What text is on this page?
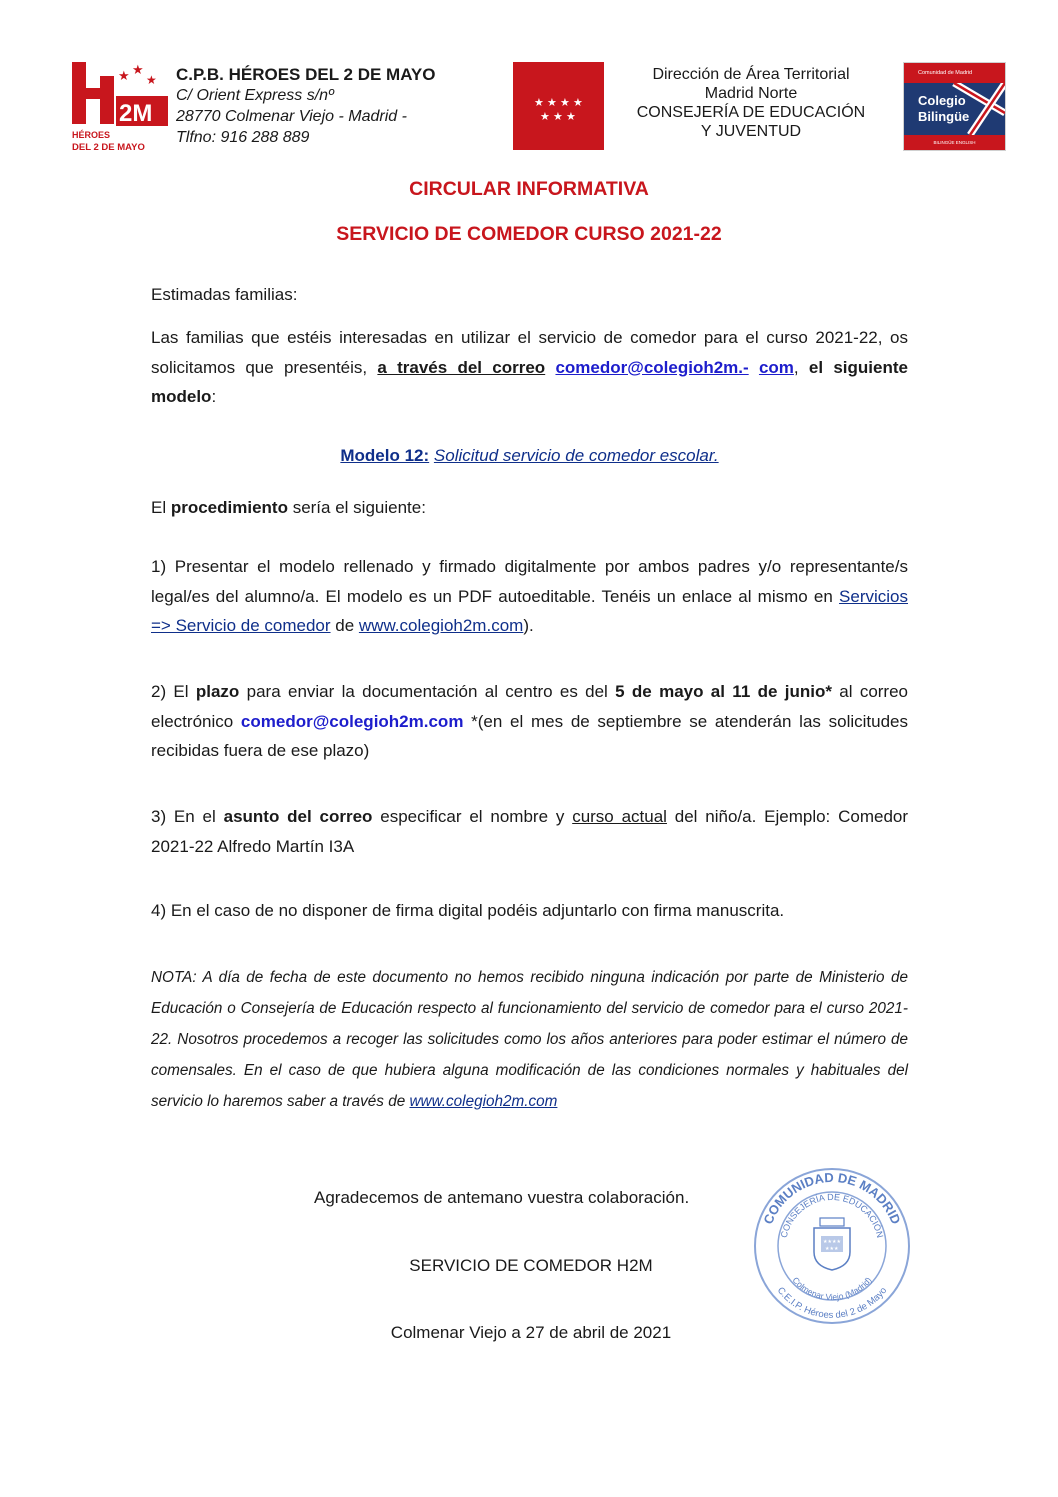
★ ★
★
2M
HÉROES
DEL 2 DE MAYO
C.P.B. HÉROES DEL 2 DE MAYO
C/ Orient Express s/nº
28770 Colmenar Viejo - Madrid -
Tlfno: 916 288 889
★ ★ ★ ★
★ ★ ★
Dirección de Área Territorial
Madrid Norte
CONSEJERÍA DE EDUCACIÓN
Y JUVENTUD
Comunidad de Madrid
Colegio
Bilingüe
BILINGÜE ENGLISH
CIRCULAR INFORMATIVA
SERVICIO DE COMEDOR CURSO 2021-22
Estimadas familias:
Las familias que estéis interesadas en utilizar el servicio de comedor para el curso 2021-22, os solicitamos que presentéis, a través del correo comedor@colegioh2m.- com, el siguiente modelo:
Modelo 12: Solicitud servicio de comedor escolar.
El procedimiento sería el siguiente:
1) Presentar el modelo rellenado y firmado digitalmente por ambos padres y/o representante/s legal/es del alumno/a. El modelo es un PDF autoeditable. Tenéis un enlace al mismo en Servicios => Servicio de comedor de www.colegioh2m.com).
2) El plazo para enviar la documentación al centro es del 5 de mayo al 11 de junio* al correo electrónico comedor@colegioh2m.com *(en el mes de septiembre se atenderán las solicitudes recibidas fuera de ese plazo)
3) En el asunto del correo especificar el nombre y curso actual del niño/a. Ejemplo: Comedor 2021-22 Alfredo Martín I3A
4) En el caso de no disponer de firma digital podéis adjuntarlo con firma manuscrita.
NOTA: A día de fecha de este documento no hemos recibido ninguna indicación por parte de Ministerio de Educación o Consejería de Educación respecto al funcionamiento del servicio de comedor para el curso 2021-22. Nosotros procedemos a recoger las solicitudes como los años anteriores para poder estimar el número de comensales. En el caso de que hubiera alguna modificación de las condiciones normales y habituales del servicio lo haremos saber a través de www.colegioh2m.com
Agradecemos de antemano vuestra colaboración.
SERVICIO DE COMEDOR H2M
Colmenar Viejo a 27 de abril de 2021
COMUNIDAD DE MADRID
CONSEJERÍA DE EDUCACIÓN
Colmenar Viejo (Madrid)
C.E.I.P. Héroes del 2 de Mayo
★★★★
★★★
